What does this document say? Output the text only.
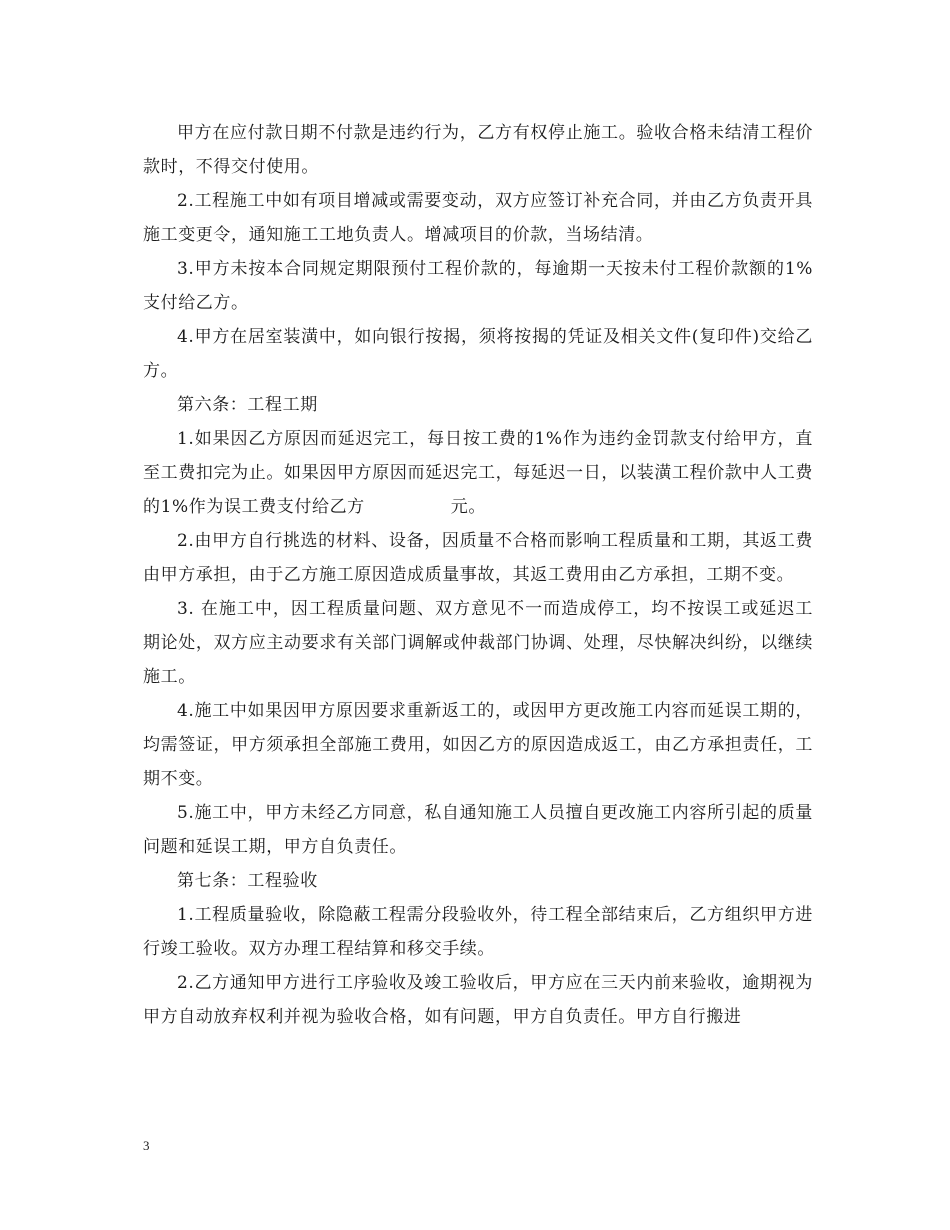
甲方在应付款日期不付款是违约行为，乙方有权停止施工。验收合格未结清工程价款时，不得交付使用。

2.工程施工中如有项目增减或需要变动，双方应签订补充合同，并由乙方负责开具施工变更令，通知施工工地负责人。增减项目的价款，当场结清。

3.甲方未按本合同规定期限预付工程价款的，每逾期一天按未付工程价款额的1%支付给乙方。

4.甲方在居室装潢中，如向银行按揭，须将按揭的凭证及相关文件(复印件)交给乙方。

第六条：工程工期

1.如果因乙方原因而延迟完工，每日按工费的1%作为违约金罚款支付给甲方，直至工费扣完为止。如果因甲方原因而延迟完工，每延迟一日，以装潢工程价款中人工费的1%作为误工费支付给乙方	元。

2.由甲方自行挑选的材料、设备，因质量不合格而影响工程质量和工期，其返工费由甲方承担，由于乙方施工原因造成质量事故，其返工费用由乙方承担，工期不变。

3. 在施工中，因工程质量问题、双方意见不一而造成停工，均不按误工或延迟工期论处，双方应主动要求有关部门调解或仲裁部门协调、处理，尽快解决纠纷，以继续施工。

4.施工中如果因甲方原因要求重新返工的，或因甲方更改施工内容而延误工期的，均需签证，甲方须承担全部施工费用，如因乙方的原因造成返工，由乙方承担责任，工期不变。

5.施工中，甲方未经乙方同意，私自通知施工人员擅自更改施工内容所引起的质量问题和延误工期，甲方自负责任。

第七条：工程验收

1.工程质量验收，除隐蔽工程需分段验收外，待工程全部结束后，乙方组织甲方进行竣工验收。双方办理工程结算和移交手续。

2.乙方通知甲方进行工序验收及竣工验收后，甲方应在三天内前来验收，逾期视为甲方自动放弃权利并视为验收合格，如有问题，甲方自负责任。甲方自行搬进

3
